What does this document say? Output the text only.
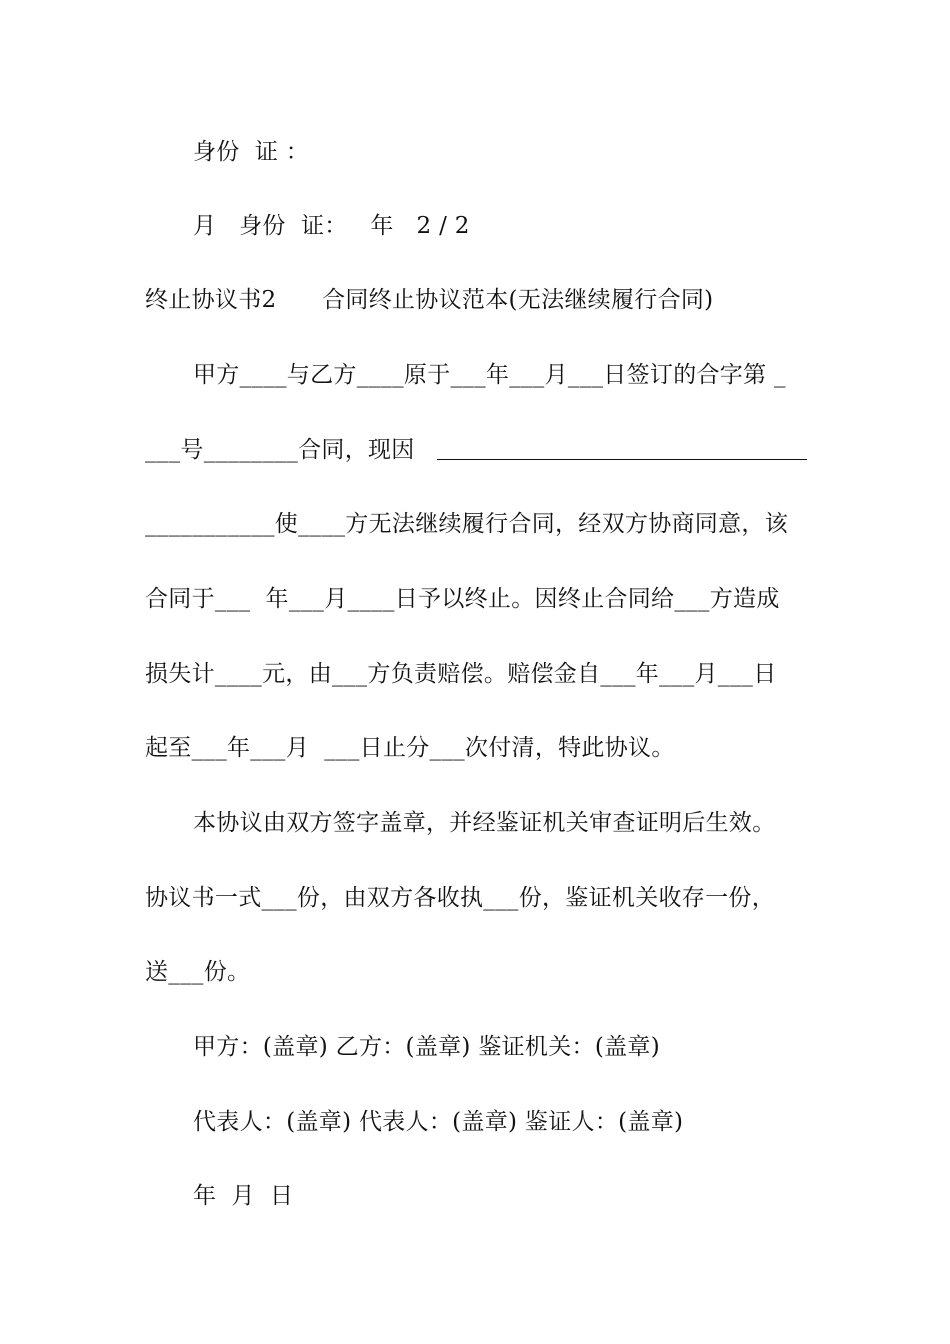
身份  证 ：
月   身份  证：   年   2 / 2
终止协议书2      合同终止协议范本(无法继续履行合同)
甲方____与乙方____原于___年___月___日签订的合字第 _
___号________合同，现因
___________使____方无法继续履行合同，经双方协商同意，该
合同于___  年___月____日予以终止。因终止合同给___方造成
损失计____元，由___方负责赔偿。赔偿金自___年___月___日
起至___年___月  ___日止分___次付清，特此协议。
本协议由双方签字盖章，并经鉴证机关审查证明后生效。
协议书一式___份，由双方各收执___份，鉴证机关收存一份，
送___份。
甲方：(盖章) 乙方：(盖章) 鉴证机关：(盖章)
代表人：(盖章) 代表人：(盖章) 鉴证人：(盖章)
年  月  日
